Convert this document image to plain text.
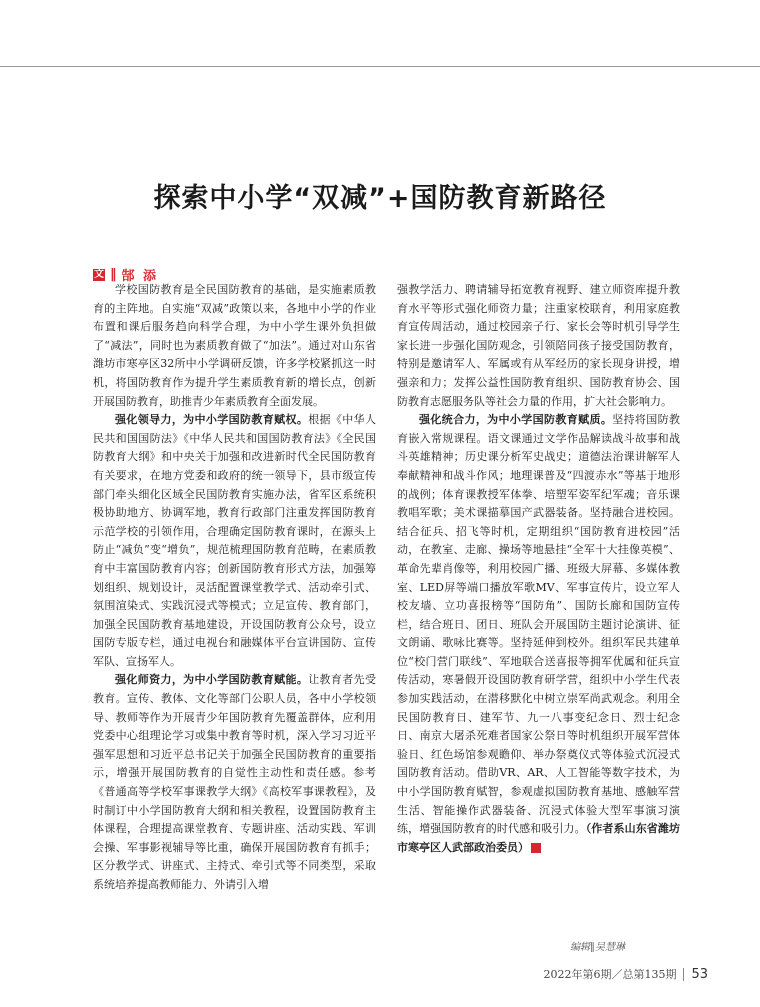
探索中小学“双减”+国防教育新路径
文 ‖ 郜 添

学校国防教育是全民国防教育的基础，是实施素质教育的主阵地。自实施“双减”政策以来，各地中小学的作业布置和课后服务趋向科学合理，为中小学生课外负担做了“减法”，同时也为素质教育做了“加法”。通过对山东省潍坊市寒亭区32所中小学调研反馈，许多学校紧抓这一时机，将国防教育作为提升学生素质教育新的增长点，创新开展国防教育，助推青少年素质教育全面发展。

强化领导力，为中小学国防教育赋权。根据《中华人民共和国国防法》《中华人民共和国国防教育法》《全民国防教育大纲》和中央关于加强和改进新时代全民国防教育有关要求，在地方党委和政府的统一领导下，县市级宣传部门牵头细化区域全民国防教育实施办法，省军区系统积极协助地方、协调军地，教育行政部门注重发挥国防教育示范学校的引领作用，合理确定国防教育课时，在源头上防止“减负”变“增负”，规范梳理国防教育范畴，在素质教育中丰富国防教育内容；创新国防教育形式方法，加强筹划组织、规划设计，灵活配置课堂教学式、活动牵引式、氛围渲染式、实践沉浸式等模式；立足宣传、教育部门，加强全民国防教育基地建设，开设国防教育公众号，设立国防专版专栏，通过电视台和融媒体平台宣讲国防、宣传军队、宣扬军人。

强化师资力，为中小学国防教育赋能。让教育者先受教育。宣传、教体、文化等部门公职人员，各中小学校领导、教师等作为开展青少年国防教育先覆盖群体，应利用党委中心组理论学习或集中教育等时机，深入学习习近平强军思想和习近平总书记关于加强全民国防教育的重要指示，增强开展国防教育的自觉性主动性和责任感。参考《普通高等学校军事课教学大纲》《高校军事课教程》，及时制订中小学国防教育大纲和相关教程，设置国防教育主体课程，合理提高课堂教育、专题讲座、活动实践、军训会操、军事影视辅导等比重，确保开展国防教育有抓手；区分教学式、讲座式、主持式、牵引式等不同类型，采取系统培养提高教师能力、外请引入增

强教学活力、聘请辅导拓宽教育视野、建立师资库提升教育水平等形式强化师资力量；注重家校联育，利用家庭教育宣传周活动，通过校园亲子行、家长会等时机引导学生家长进一步强化国防观念，引领陪同孩子接受国防教育，特别是邀请军人、军属或有从军经历的家长现身讲授，增强亲和力；发挥公益性国防教育组织、国防教育协会、国防教育志愿服务队等社会力量的作用，扩大社会影响力。

强化统合力，为中小学国防教育赋质。坚持将国防教育嵌入常规课程。语文课通过文学作品解读战斗故事和战斗英雄精神；历史课分析军史战史；道德法治课讲解军人奉献精神和战斗作风；地理课普及“四渡赤水”等基于地形的战例；体育课教授军体拳、培塑军姿军纪军魂；音乐课教唱军歌；美术课描摹国产武器装备。坚持融合进校园。结合征兵、招飞等时机，定期组织“国防教育进校园”活动，在教室、走廊、操场等地悬挂“全军十大挂像英模”、革命先辈肖像等，利用校园广播、班级大屏幕、多媒体教室、LED屏等端口播放军歌MV、军事宣传片，设立军人校友墙、立功喜报榜等“国防角”、国防长廊和国防宣传栏，结合班日、团日、班队会开展国防主题讨论演讲、征文朗诵、歌咏比赛等。坚持延伸到校外。组织军民共建单位“校门营门联线”、军地联合送喜报等拥军优属和征兵宣传活动，寒暑假开设国防教育研学营，组织中小学生代表参加实践活动，在潜移默化中树立崇军尚武观念。利用全民国防教育日、建军节、九一八事变纪念日、烈士纪念日、南京大屠杀死难者国家公祭日等时机组织开展军营体验日、红色场馆参观瞻仰、举办祭奠仪式等体验式沉浸式国防教育活动。借助VR、AR、人工智能等数字技术，为中小学国防教育赋智，参观虚拟国防教育基地、感触军营生活、智能操作武器装备、沉浸式体验大型军事演习演练，增强国防教育的时代感和吸引力。（作者系山东省潍坊市寒亭区人武部政治委员）	G

编辑∥吴慧琳
2022年第6期／总第135期 53
